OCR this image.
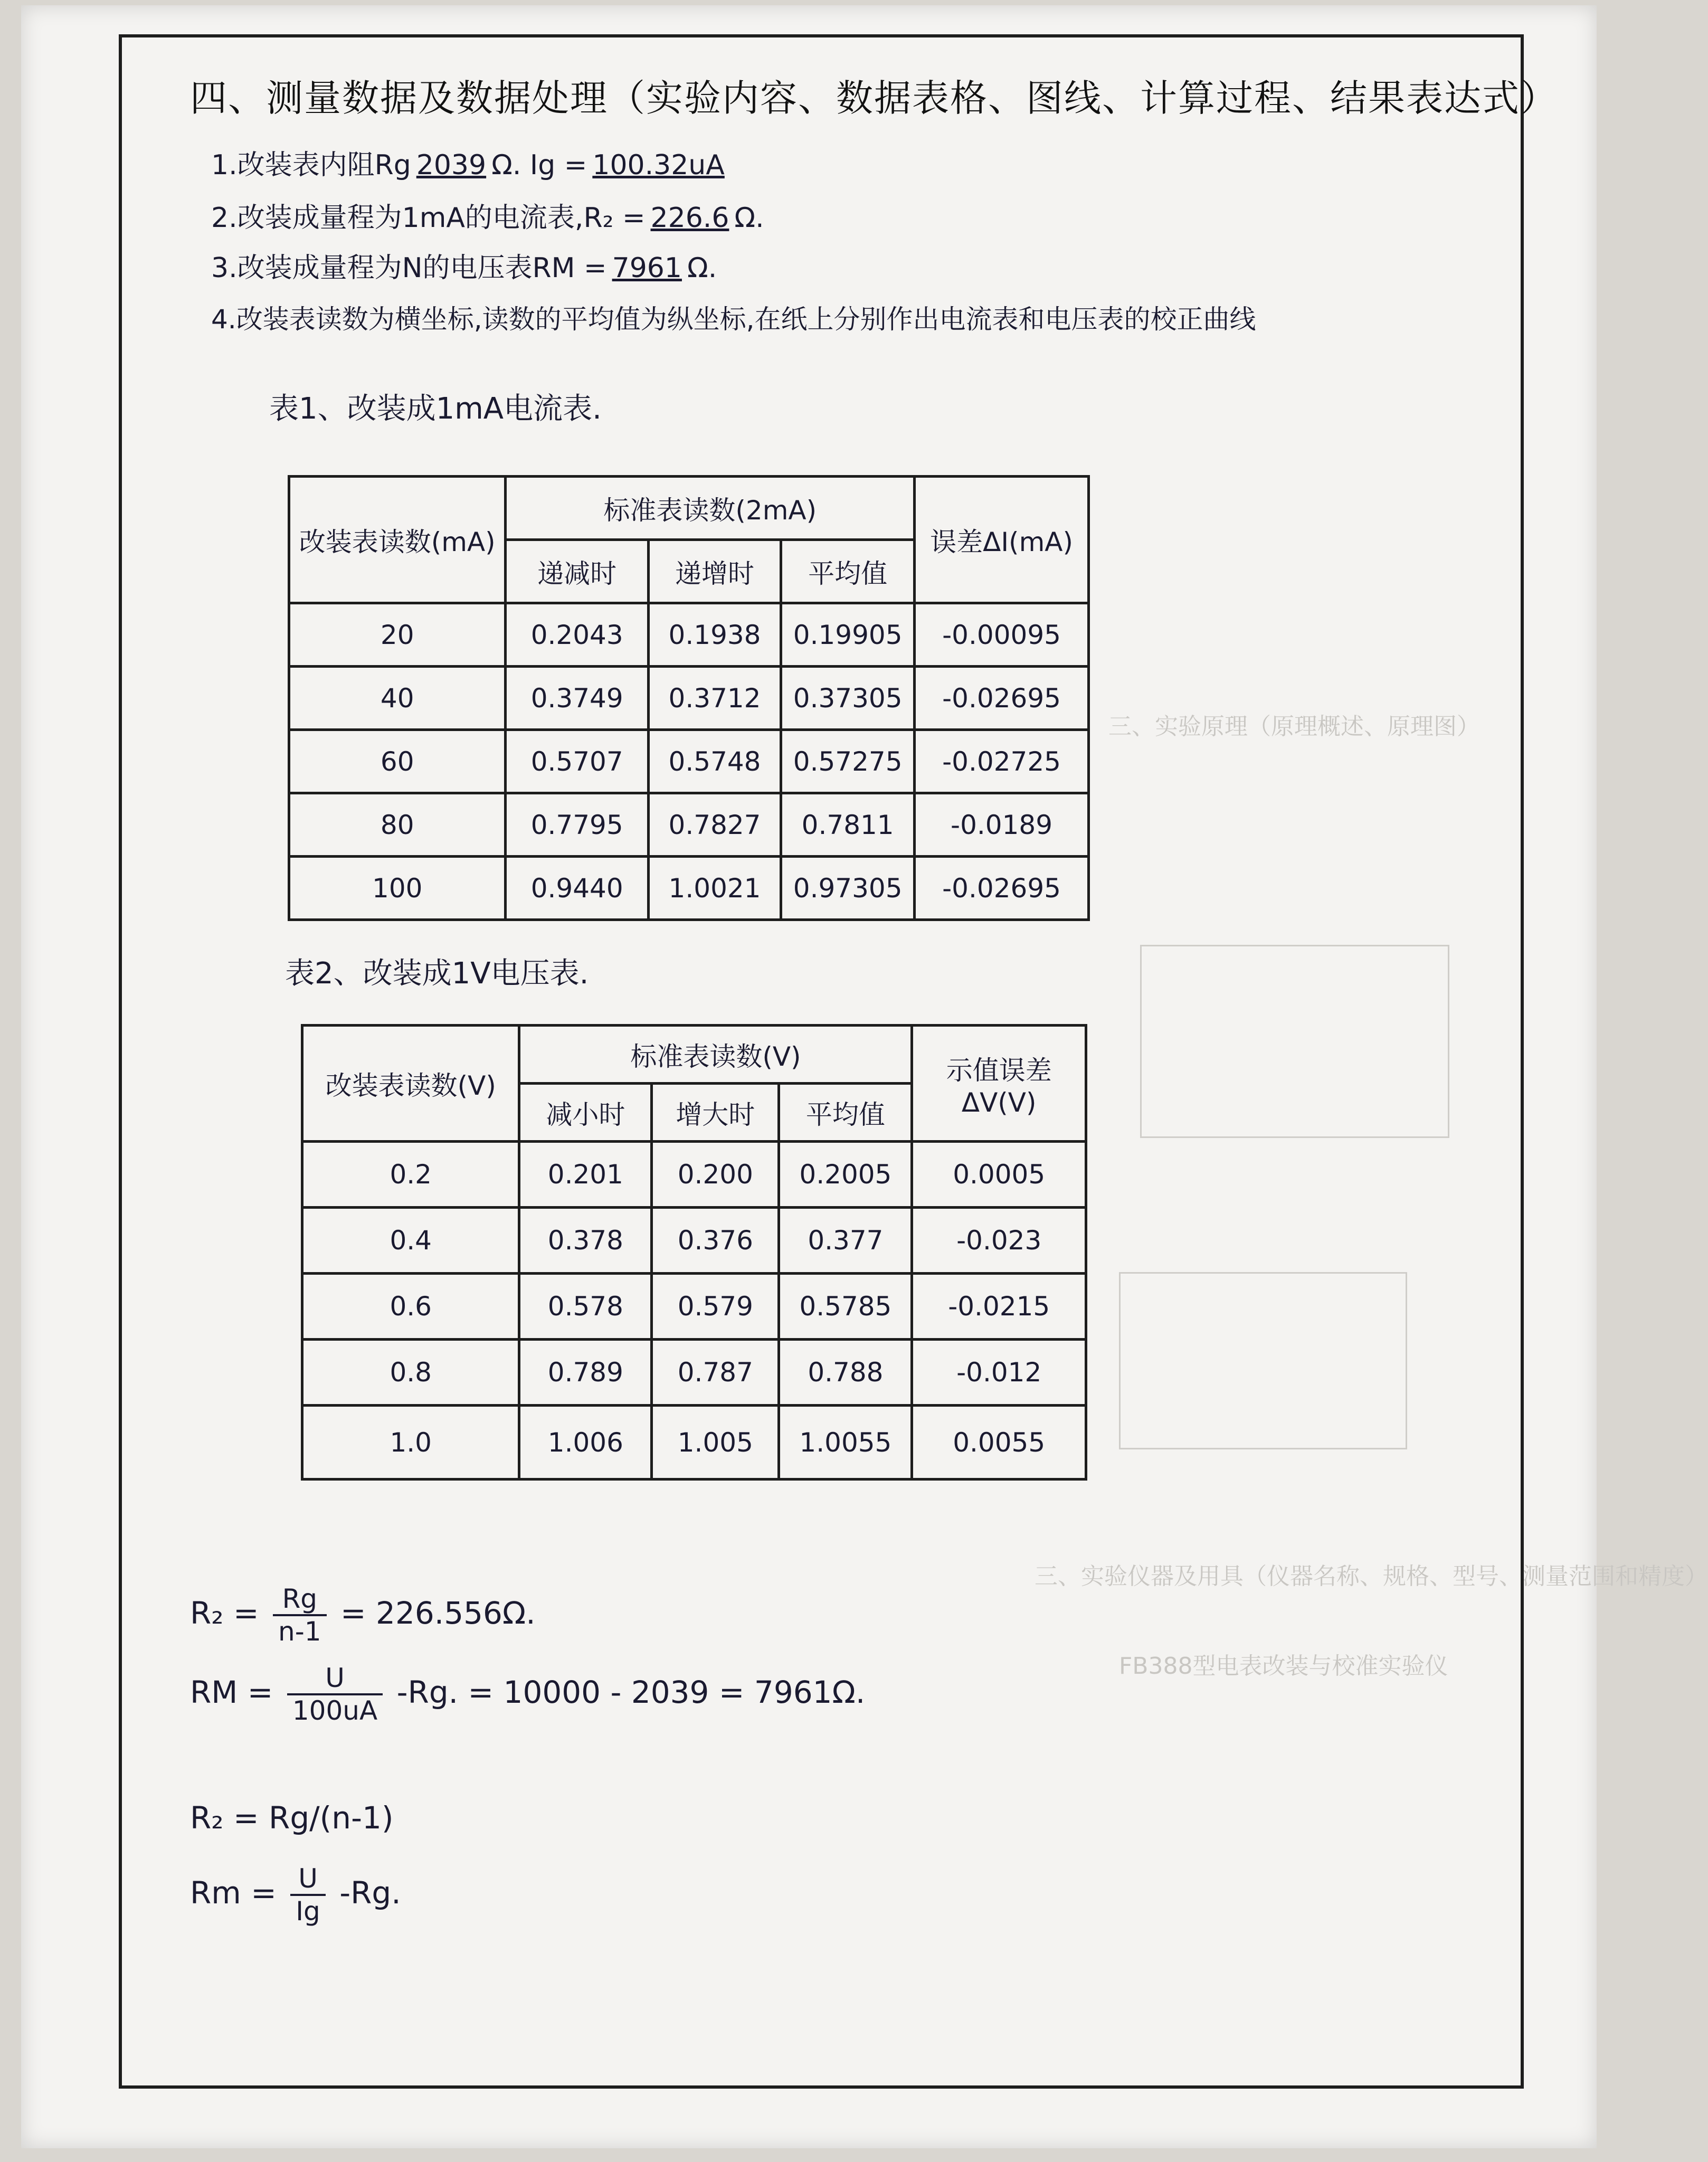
三、实验原理（原理概述、原理图）
三、实验仪器及用具（仪器名称、规格、型号、测量范围和精度）
FB388型电表改装与校准实验仪
四、测量数据及数据处理（实验内容、数据表格、图线、计算过程、结果表达式）
1.改装表内阻Rg 2039 Ω. Ig = 100.32uA
2.改装成量程为1mA的电流表,R₂ = 226.6 Ω.
3.改装成量程为N的电压表RM = 7961 Ω.
4.改装表读数为横坐标,读数的平均值为纵坐标,在纸上分别作出电流表和电压表的校正曲线
表1、改装成1mA电流表.
改装表读数(mA)	标准表读数(2mA)			误差ΔI(mA)
	递减时	递增时	平均值	
20	0.2043	0.1938	0.19905	-0.00095
40	0.3749	0.3712	0.37305	-0.02695
60	0.5707	0.5748	0.57275	-0.02725
80	0.7795	0.7827	0.7811	-0.0189
100	0.9440	1.0021	0.97305	-0.02695
表2、改装成1V电压表.
改装表读数(V)	标准表读数(V)			示值误差ΔV(V)
	减小时	增大时	平均值	
0.2	0.201	0.200	0.2005	0.0005
0.4	0.378	0.376	0.377	-0.023
0.6	0.578	0.579	0.5785	-0.0215
0.8	0.789	0.787	0.788	-0.012
1.0	1.006	1.005	1.0055	0.0055
$R_2 = \frac{Rg}{n-1} = 226.556\Omega$.
RM = $\frac{U}{100uA} -Rg$. = 10000 - 2039 = 7961Ω.
R₂ = Rg/(n-1)
$Rm = \frac{U}{Ig} -Rg$.
